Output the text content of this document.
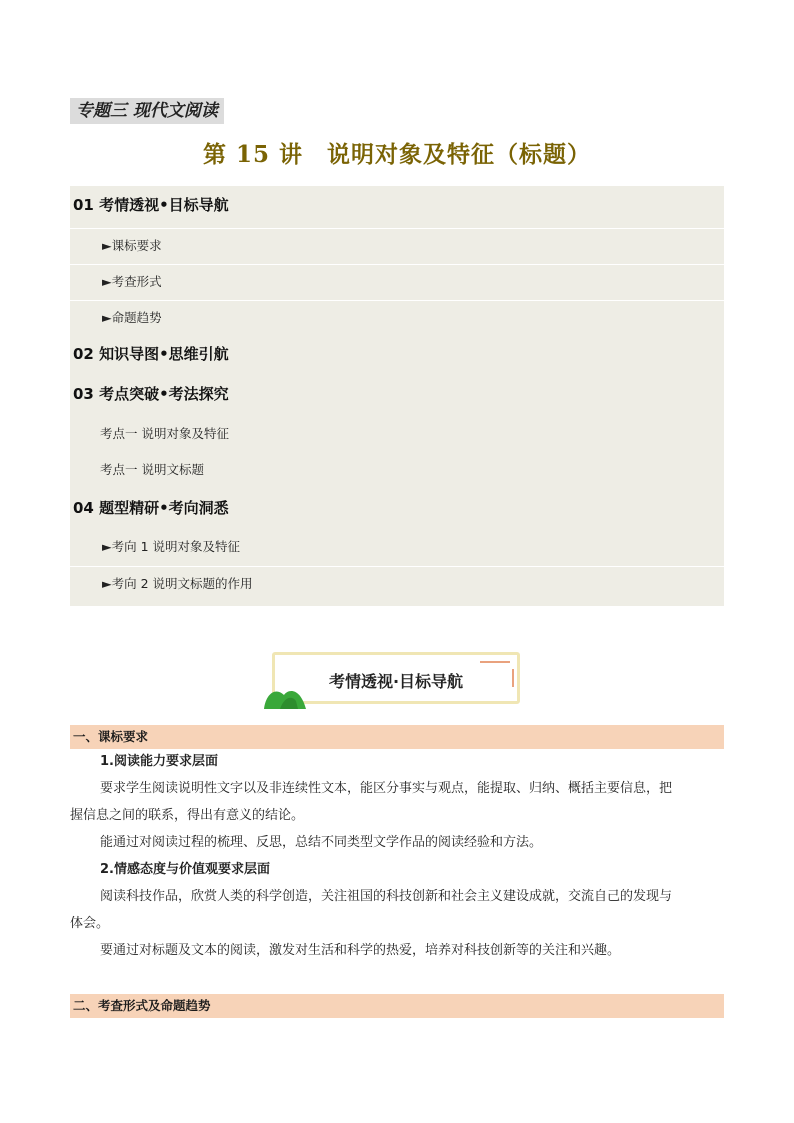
专题三 现代文阅读
第 15 讲　说明对象及特征（标题）
01 考情透视•目标导航
►课标要求
►考查形式
►命题趋势
02 知识导图•思维引航
03 考点突破•考法探究
考点一 说明对象及特征
考点一 说明文标题
04 题型精研•考向洞悉
►考向 1 说明对象及特征
►考向 2 说明文标题的作用
考情透视·目标导航
一、课标要求
1.阅读能力要求层面
要求学生阅读说明性文字以及非连续性文本，能区分事实与观点，能提取、归纳、概括主要信息，把
握信息之间的联系，得出有意义的结论。
能通过对阅读过程的梳理、反思，总结不同类型文学作品的阅读经验和方法。
2.情感态度与价值观要求层面
阅读科技作品，欣赏人类的科学创造，关注祖国的科技创新和社会主义建设成就，交流自己的发现与
体会。
要通过对标题及文本的阅读，激发对生活和科学的热爱，培养对科技创新等的关注和兴趣。
二、考查形式及命题趋势
